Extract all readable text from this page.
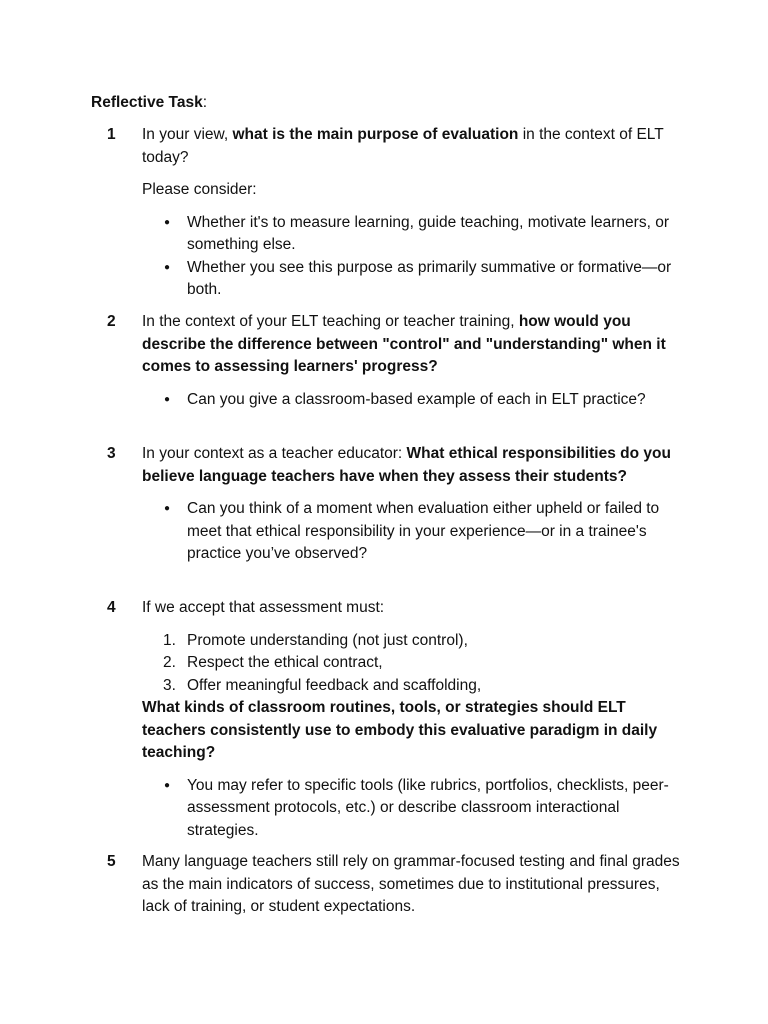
Reflective Task:
1 In your view, what is the main purpose of evaluation in the context of ELT today?

Please consider:

● Whether it's to measure learning, guide teaching, motivate learners, or something else.
● Whether you see this purpose as primarily summative or formative—or both.
2 In the context of your ELT teaching or teacher training, how would you describe the difference between "control" and "understanding" when it comes to assessing learners' progress?

● Can you give a classroom-based example of each in ELT practice?
3 In your context as a teacher educator: What ethical responsibilities do you believe language teachers have when they assess their students?

● Can you think of a moment when evaluation either upheld or failed to meet that ethical responsibility in your experience—or in a trainee's practice you’ve observed?
4 If we accept that assessment must:

1. Promote understanding (not just control),
2. Respect the ethical contract,
3. Offer meaningful feedback and scaffolding,

What kinds of classroom routines, tools, or strategies should ELT teachers consistently use to embody this evaluative paradigm in daily teaching?

● You may refer to specific tools (like rubrics, portfolios, checklists, peer-assessment protocols, etc.) or describe classroom interactional strategies.
5 Many language teachers still rely on grammar-focused testing and final grades as the main indicators of success, sometimes due to institutional pressures, lack of training, or student expectations.
